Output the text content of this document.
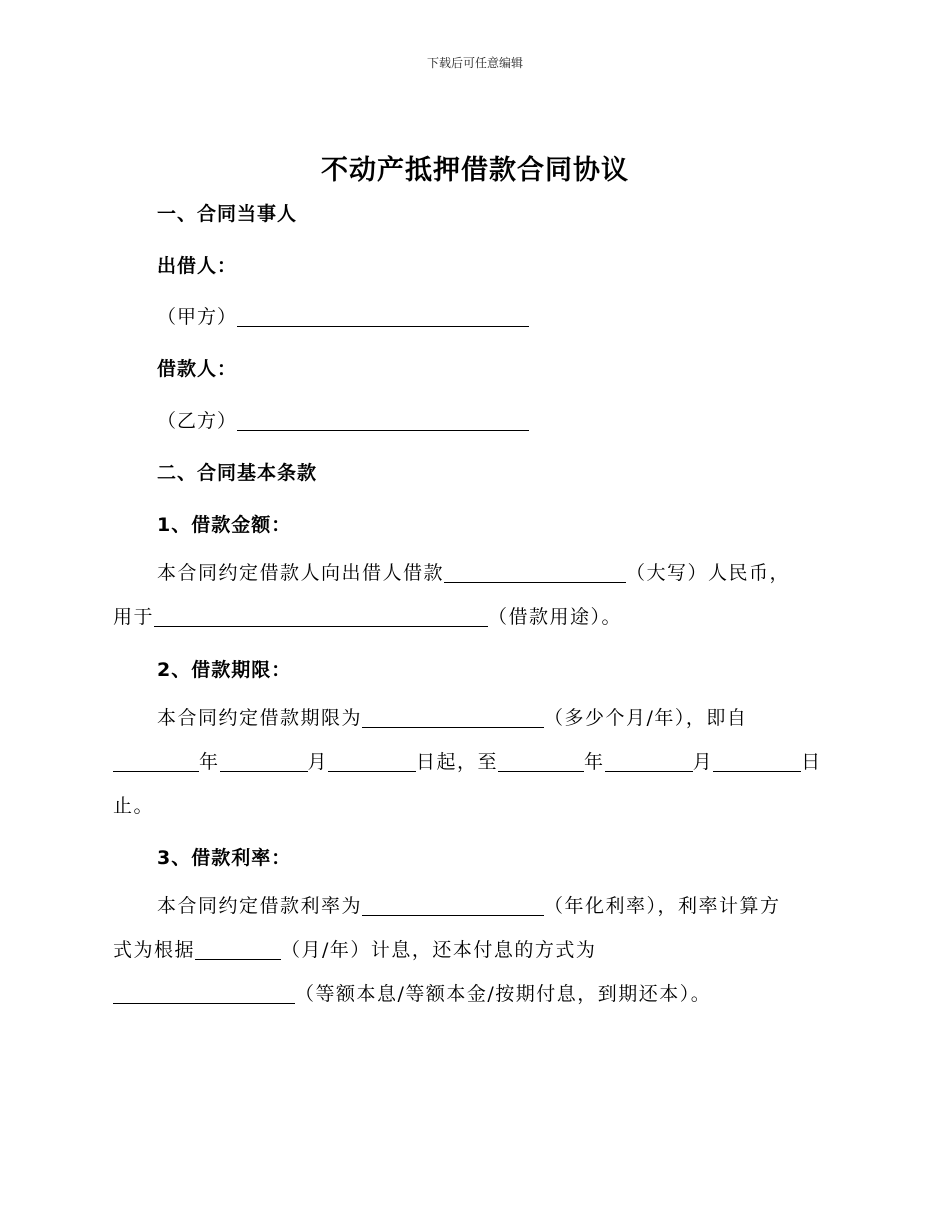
下载后可任意编辑
不动产抵押借款合同协议
一、合同当事人
出借人：
（甲方）
借款人：
（乙方）
二、合同基本条款
1、借款金额：
本合同约定借款人向出借人借款	（大写）人民币，
用于	（借款用途）。
2、借款期限：
本合同约定借款期限为	（多少个月/年），即自
年	月	日起，至	年	月	日
止。
3、借款利率：
本合同约定借款利率为	（年化利率），利率计算方
式为根据	（月/年）计息，还本付息的方式为
（等额本息/等额本金/按期付息，到期还本）。
